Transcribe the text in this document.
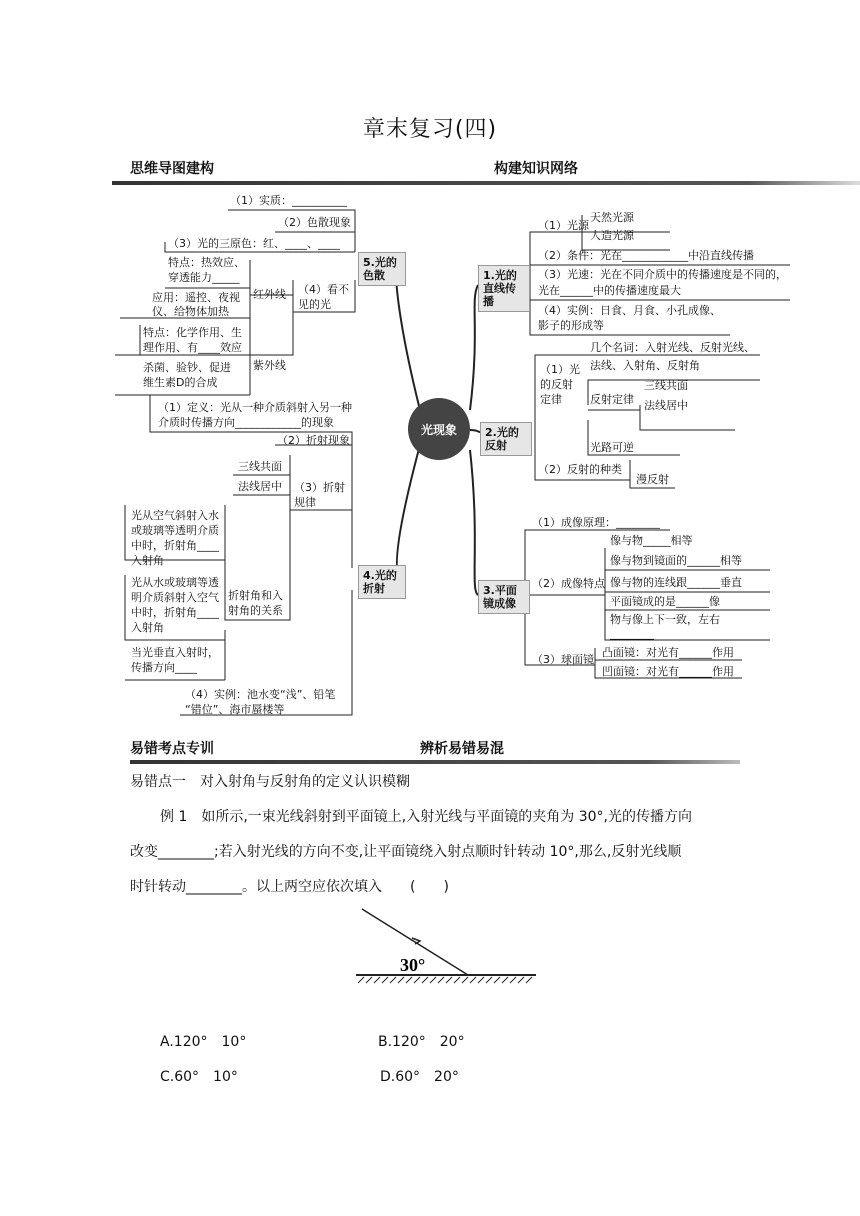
章末复习(四)
思维导图建构	构建知识网络
光现象
5.光的色散	1.光的直线传播
2.光的反射
4.光的折射	3.平面镜成像
（1）实质：__________
（2）色散现象
（3）光的三原色：红、____、____
（4）看不
见的光
红外线
特点：热效应、
穿透能力_____
应用：遥控、夜视
仪、给物体加热
紫外线
特点：化学作用、生
理作用、有____效应
杀菌、验钞、促进
维生素D的合成
（1）定义：光从一种介质斜射入另一种
介质时传播方向____________的现象
（2）折射现象
三线共面
法线居中 （3）折射
规律
折射角和入
射角的关系
光从空气斜射入水
或玻璃等透明介质
中时，折射角____
入射角
光从水或玻璃等透
明介质斜射入空气
中时，折射角____
入射角
当光垂直入射时，
传播方向____
（4）实例：池水变“浅”、铅笔
“错位”、海市蜃楼等
（1）光源
天然光源
人造光源
（2）条件：光在____________中沿直线传播
（3）光速：光在不同介质中的传播速度是不同的，
光在______中的传播速度最大
（4）实例：日食、月食、小孔成像、
影子的形成等
（1）光
的反射
定律
几个名词：入射光线、反射光线、
法线、入射角、反射角
反射定律
三线共面
法线居中
光路可逆
（2）反射的种类
漫反射
（1）成像原理：________
（2）成像特点
像与物_____相等
像与物到镜面的______相等
像与物的连线跟______垂直
平面镜成的是______像
物与像上下一致，左右
________
（3）球面镜
凸面镜：对光有______作用
凹面镜：对光有______作用
易错考点专训	辨析易错易混
易错点一　对入射角与反射角的定义认识模糊
例 1　如所示,一束光线斜射到平面镜上,入射光线与平面镜的夹角为 30°,光的传播方向
改变________;若入射光线的方向不变,让平面镜绕入射点顺时针转动 10°,那么,反射光线顺
时针转动________。以上两空应依次填入　　(　　)
30°
A.120°　10°	B.120°　20°
C.60°　10°	D.60°　20°
